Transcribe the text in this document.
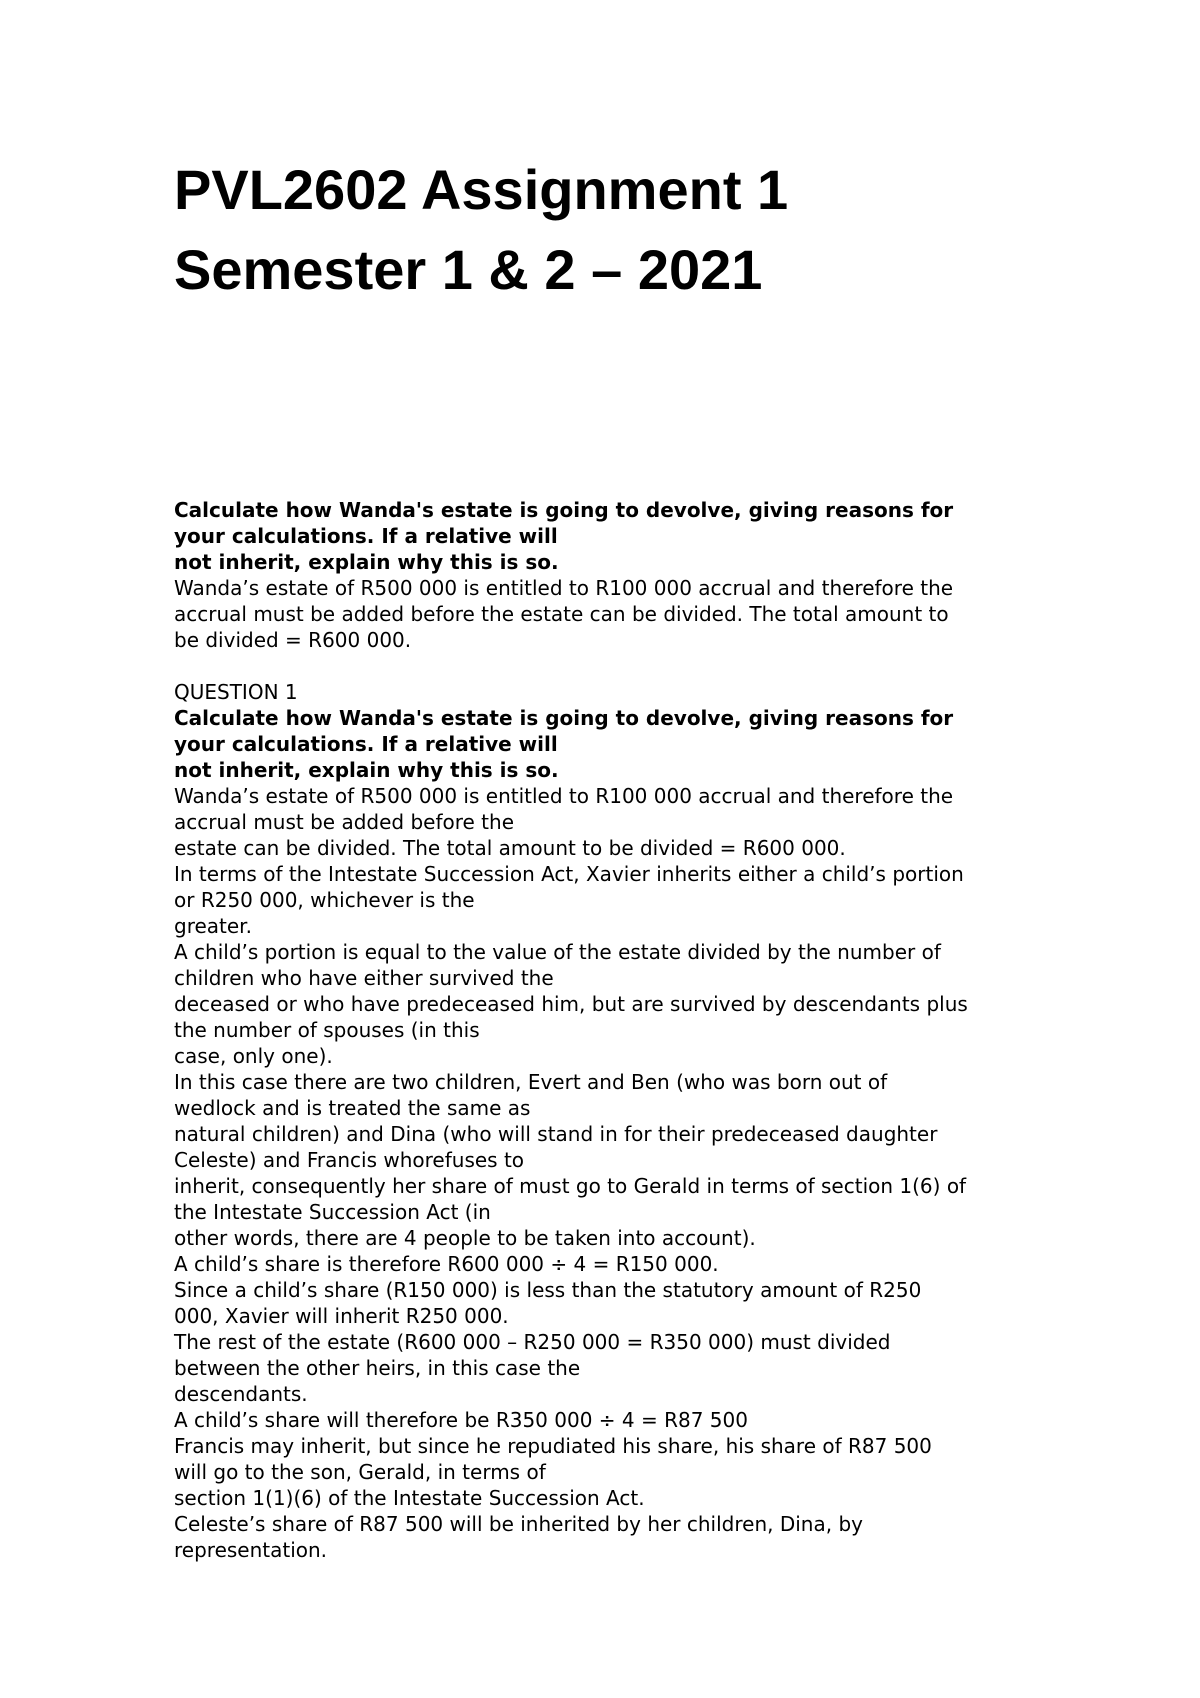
PVL2602 Assignment 1
Semester 1 & 2 – 2021
Calculate how Wanda's estate is going to devolve, giving reasons for
your calculations. If a relative will
not inherit, explain why this is so.
Wanda’s estate of R500 000 is entitled to R100 000 accrual and therefore the
accrual must be added before the estate can be divided. The total amount to
be divided = R600 000.
QUESTION 1
Calculate how Wanda's estate is going to devolve, giving reasons for
your calculations. If a relative will
not inherit, explain why this is so.
Wanda’s estate of R500 000 is entitled to R100 000 accrual and therefore the
accrual must be added before the
estate can be divided. The total amount to be divided = R600 000.
In terms of the Intestate Succession Act, Xavier inherits either a child’s portion
or R250 000, whichever is the
greater.
A child’s portion is equal to the value of the estate divided by the number of
children who have either survived the
deceased or who have predeceased him, but are survived by descendants plus
the number of spouses (in this
case, only one).
In this case there are two children, Evert and Ben (who was born out of
wedlock and is treated the same as
natural children) and Dina (who will stand in for their predeceased daughter
Celeste) and Francis whorefuses to
inherit, consequently her share of must go to Gerald in terms of section 1(6) of
the Intestate Succession Act (in
other words, there are 4 people to be taken into account).
A child’s share is therefore R600 000 ÷ 4 = R150 000.
Since a child’s share (R150 000) is less than the statutory amount of R250
000, Xavier will inherit R250 000.
The rest of the estate (R600 000 – R250 000 = R350 000) must divided
between the other heirs, in this case the
descendants.
A child’s share will therefore be R350 000 ÷ 4 = R87 500
Francis may inherit, but since he repudiated his share, his share of R87 500
will go to the son, Gerald, in terms of
section 1(1)(6) of the Intestate Succession Act.
Celeste’s share of R87 500 will be inherited by her children, Dina, by
representation.
